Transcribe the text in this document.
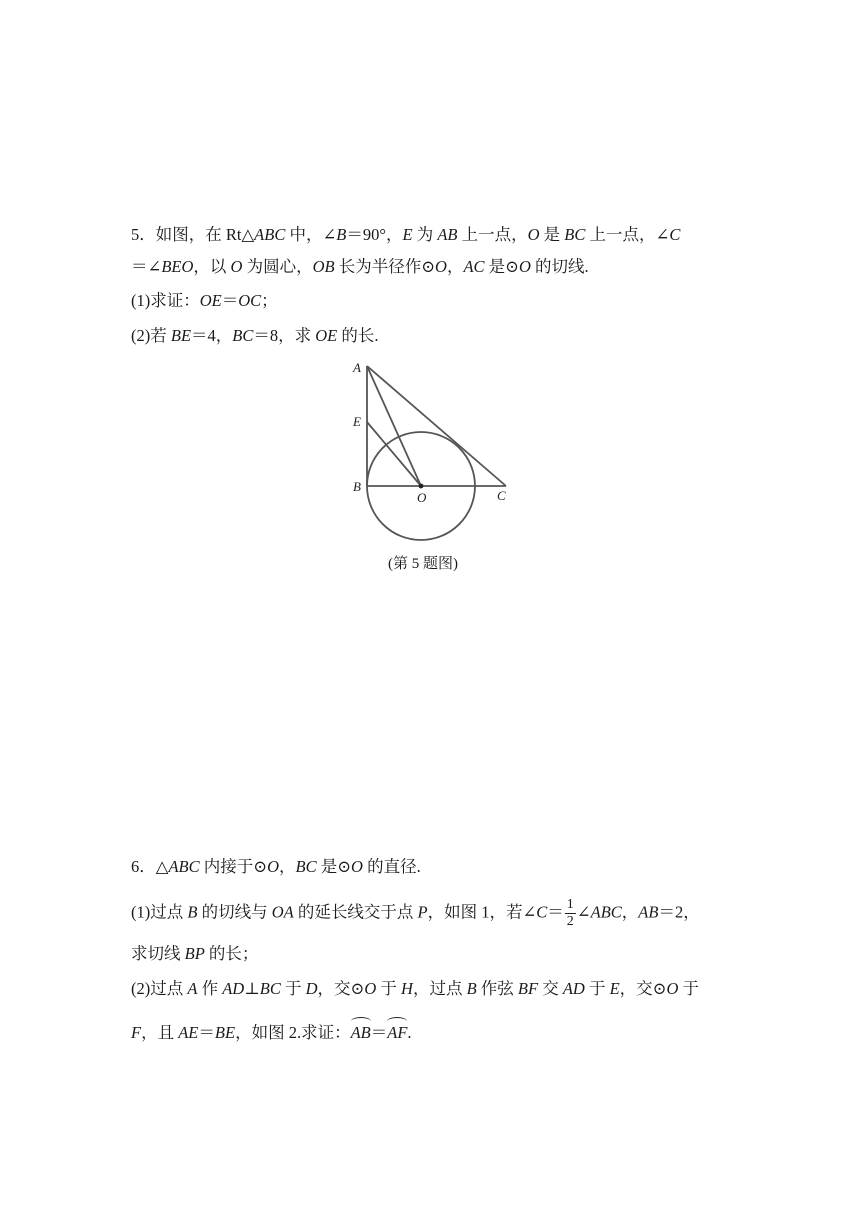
5．如图，在 Rt△ABC 中，∠B＝90°，E 为 AB 上一点，O 是 BC 上一点，∠C
＝∠BEO，以 O 为圆心，OB 长为半径作⊙O，AC 是⊙O 的切线.
(1)求证：OE＝OC；
(2)若 BE＝4，BC＝8，求 OE 的长.
A
E
B
O	C
(第 5 题图)
6．△ABC 内接于⊙O，BC 是⊙O 的直径.
(1)过点 B 的切线与 OA 的延长线交于点 P，如图 1，若∠C＝ $\frac{1}{2}$ ∠ABC，AB＝2，
求切线 BP 的长；
(2)过点 A 作 AD⊥BC 于 D，交⊙O 于 H，过点 B 作弦 BF 交 AD 于 E，交⊙O 于
F，且 AE＝BE，如图 2.求证：AB＝AF.
